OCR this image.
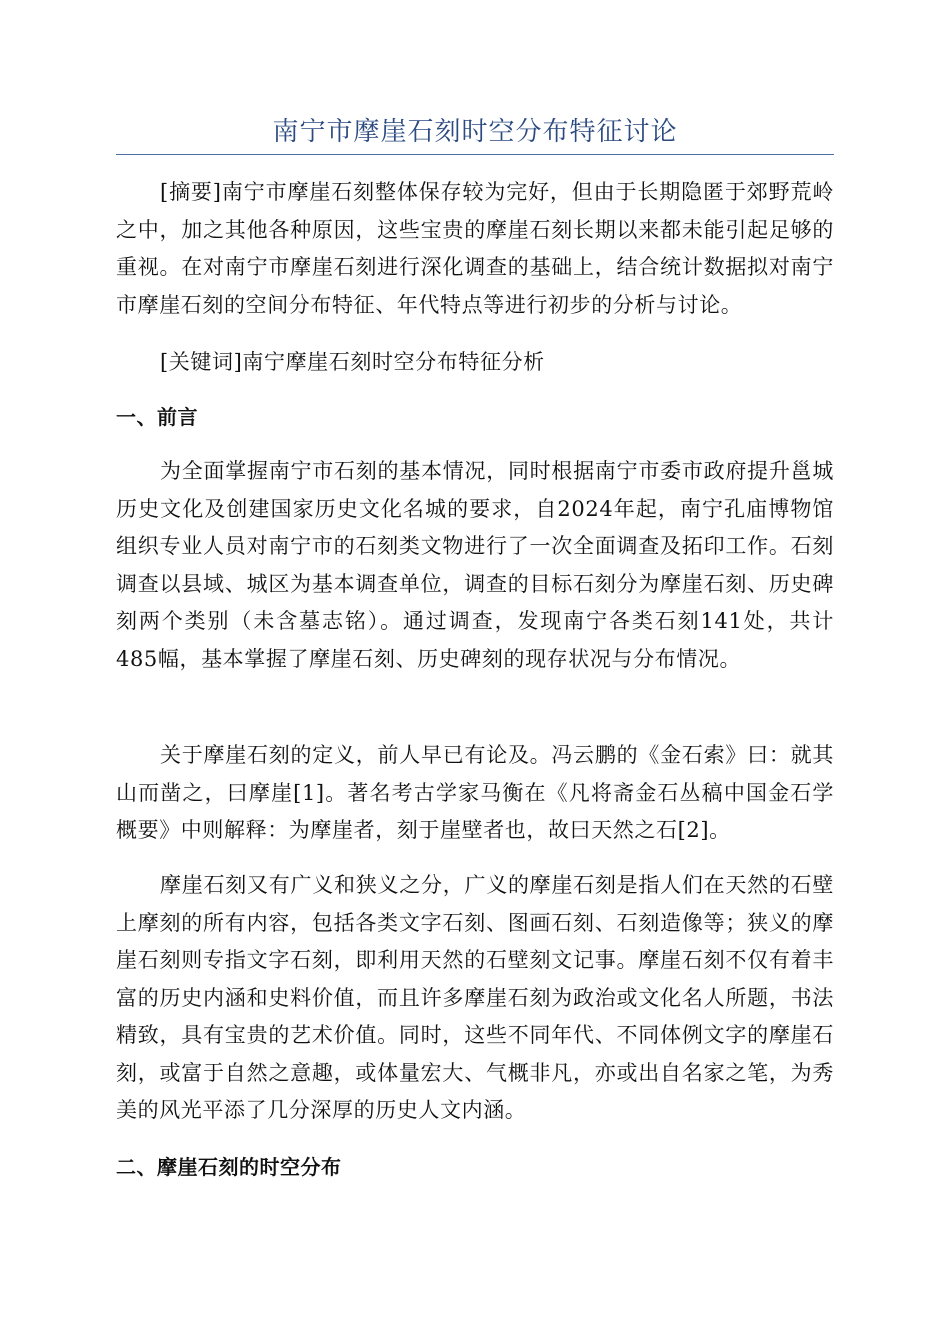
南宁市摩崖石刻时空分布特征讨论

[摘要]南宁市摩崖石刻整体保存较为完好，但由于长期隐匿于郊野荒岭之中，加之其他各种原因，这些宝贵的摩崖石刻长期以来都未能引起足够的重视。在对南宁市摩崖石刻进行深化调查的基础上，结合统计数据拟对南宁市摩崖石刻的空间分布特征、年代特点等进行初步的分析与讨论。

[关键词]南宁摩崖石刻时空分布特征分析

一、前言

为全面掌握南宁市石刻的基本情况，同时根据南宁市委市政府提升邕城历史文化及创建国家历史文化名城的要求，自2024年起，南宁孔庙博物馆组织专业人员对南宁市的石刻类文物进行了一次全面调查及拓印工作。石刻调查以县域、城区为基本调查单位，调查的目标石刻分为摩崖石刻、历史碑刻两个类别（未含墓志铭）。通过调查，发现南宁各类石刻141处，共计485幅，基本掌握了摩崖石刻、历史碑刻的现存状况与分布情况。

关于摩崖石刻的定义，前人早已有论及。冯云鹏的《金石索》曰：就其山而凿之，曰摩崖[1]。著名考古学家马衡在《凡将斋金石丛稿中国金石学概要》中则解释：为摩崖者，刻于崖壁者也，故曰天然之石[2]。

摩崖石刻又有广义和狭义之分，广义的摩崖石刻是指人们在天然的石壁上摩刻的所有内容，包括各类文字石刻、图画石刻、石刻造像等；狭义的摩崖石刻则专指文字石刻，即利用天然的石壁刻文记事。摩崖石刻不仅有着丰富的历史内涵和史料价值，而且许多摩崖石刻为政治或文化名人所题，书法精致，具有宝贵的艺术价值。同时，这些不同年代、不同体例文字的摩崖石刻，或富于自然之意趣，或体量宏大、气概非凡，亦或出自名家之笔，为秀美的风光平添了几分深厚的历史人文内涵。

二、摩崖石刻的时空分布
